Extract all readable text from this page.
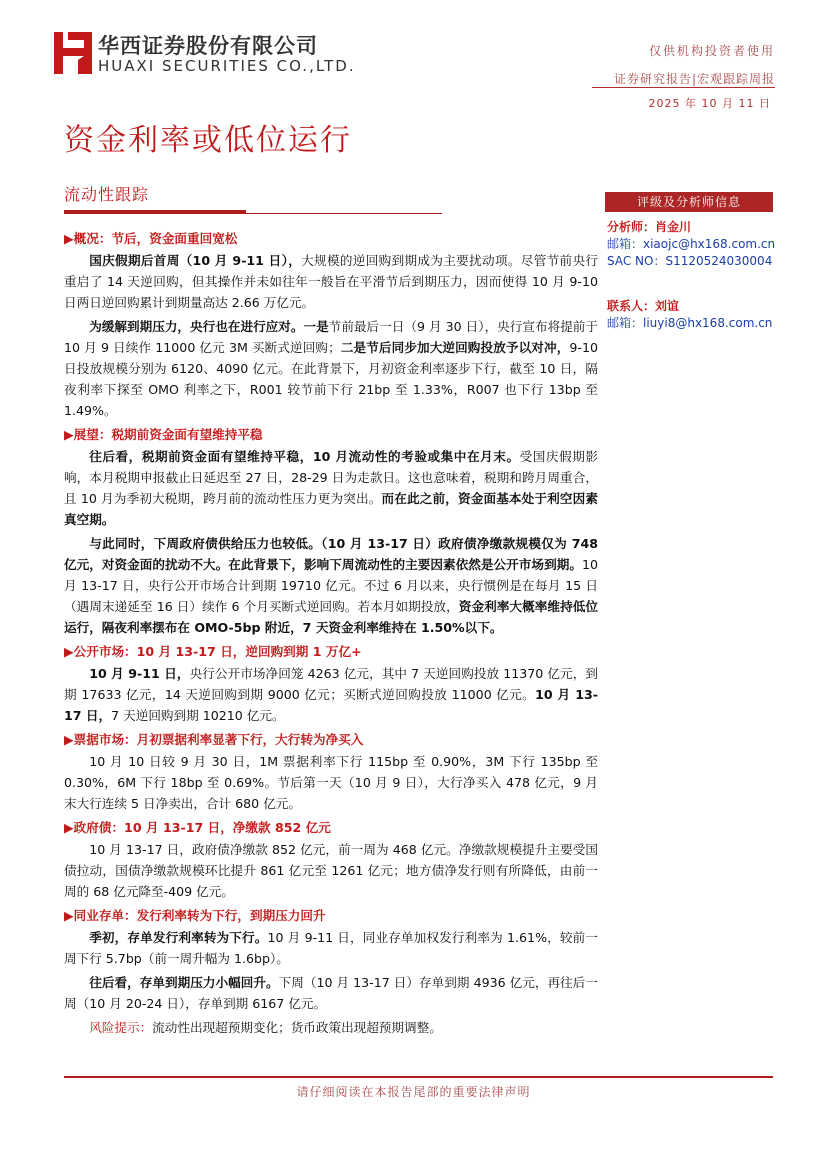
华西证券股份有限公司
HUAXI SECURITIES CO.,LTD.
仅供机构投资者使用
证券研究报告|宏观跟踪周报
2025 年 10 月 11 日
资金利率或低位运行
流动性跟踪

▶概况：节后，资金面重回宽松

国庆假期后首周（10 月 9-11 日），大规模的逆回购到期成为主要扰动项。尽管节前央行重启了 14 天逆回购，但其操作并未如往年一般旨在平滑节后到期压力，因而使得 10 月 9-10 日两日逆回购累计到期量高达 2.66 万亿元。

为缓解到期压力，央行也在进行应对。一是节前最后一日（9 月 30 日），央行宣布将提前于 10 月 9 日续作 11000 亿元 3M 买断式逆回购；二是节后同步加大逆回购投放予以对冲，9-10 日投放规模分别为 6120、4090 亿元。在此背景下，月初资金利率逐步下行，截至 10 日，隔夜利率下探至 OMO 利率之下，R001 较节前下行 21bp 至 1.33%，R007 也下行 13bp 至 1.49%。

▶展望：税期前资金面有望维持平稳

往后看，税期前资金面有望维持平稳，10 月流动性的考验或集中在月末。受国庆假期影响，本月税期申报截止日延迟至 27 日，28-29 日为走款日。这也意味着，税期和跨月周重合，且 10 月为季初大税期，跨月前的流动性压力更为突出。而在此之前，资金面基本处于利空因素真空期。

与此同时，下周政府债供给压力也较低。（10 月 13-17 日）政府债净缴款规模仅为 748 亿元，对资金面的扰动不大。在此背景下，影响下周流动性的主要因素依然是公开市场到期。10 月 13-17 日，央行公开市场合计到期 19710 亿元。不过 6 月以来，央行惯例是在每月 15 日（遇周末递延至 16 日）续作 6 个月买断式逆回购。若本月如期投放，资金利率大概率维持低位运行，隔夜利率摆布在 OMO-5bp 附近，7 天资金利率维持在 1.50%以下。

▶公开市场：10 月 13-17 日，逆回购到期 1 万亿+

10 月 9-11 日，央行公开市场净回笼 4263 亿元，其中 7 天逆回购投放 11370 亿元，到期 17633 亿元，14 天逆回购到期 9000 亿元；买断式逆回购投放 11000 亿元。10 月 13-17 日，7 天逆回购到期 10210 亿元。

▶票据市场：月初票据利率显著下行，大行转为净买入

10 月 10 日较 9 月 30 日，1M 票据利率下行 115bp 至 0.90%，3M 下行 135bp 至 0.30%，6M 下行 18bp 至 0.69%。节后第一天（10 月 9 日），大行净买入 478 亿元，9 月末大行连续 5 日净卖出，合计 680 亿元。

▶政府债：10 月 13-17 日，净缴款 852 亿元

10 月 13-17 日，政府债净缴款 852 亿元，前一周为 468 亿元。净缴款规模提升主要受国债拉动，国债净缴款规模环比提升 861 亿元至 1261 亿元；地方债净发行则有所降低，由前一周的 68 亿元降至-409 亿元。

▶同业存单：发行利率转为下行，到期压力回升

季初，存单发行利率转为下行。10 月 9-11 日，同业存单加权发行利率为 1.61%，较前一周下行 5.7bp（前一周升幅为 1.6bp）。

往后看，存单到期压力小幅回升。下周（10 月 13-17 日）存单到期 4936 亿元，再往后一周（10 月 20-24 日），存单到期 6167 亿元。

风险提示：流动性出现超预期变化；货币政策出现超预期调整。

评级及分析师信息
分析师：肖金川
邮箱：xiaojc@hx168.com.cn
SAC NO：S1120524030004
联系人：刘谊
邮箱：liuyi8@hx168.com.cn
请仔细阅读在本报告尾部的重要法律声明
